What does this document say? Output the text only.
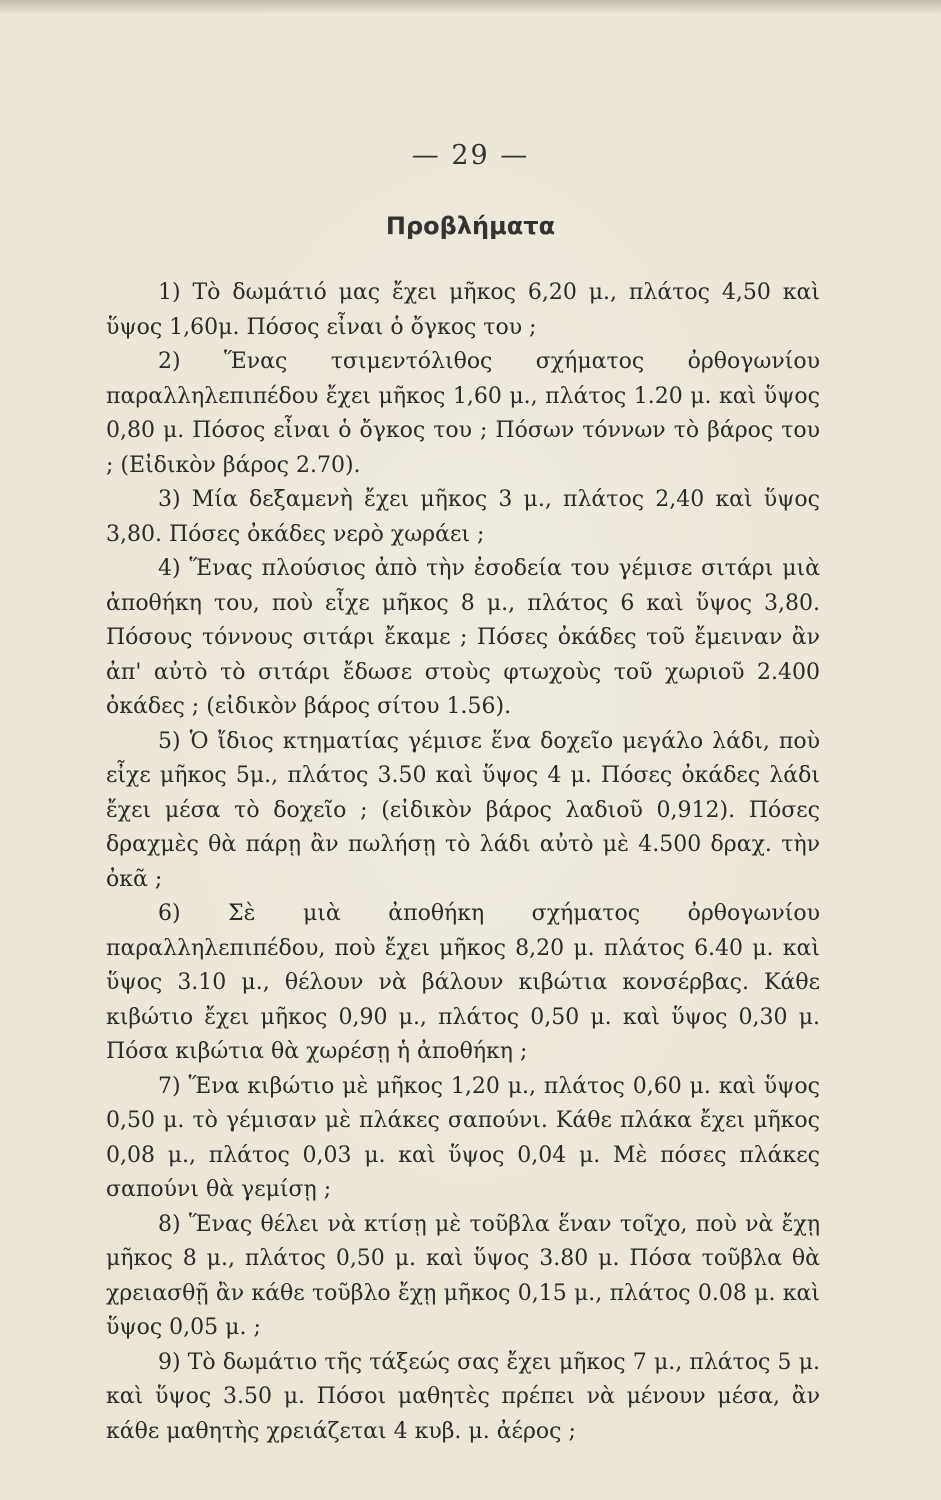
— 29 —
Προβλήματα

1) Τὸ δωμάτιό μας ἔχει μῆκος 6,20 μ., πλάτος 4,50 καὶ ὕψος 1,60μ. Πόσος εἶναι ὁ ὄγκος του ;

2) Ἕνας τσιμεντόλιθος σχήματος ὀρθογωνίου παραλληλεπιπέδου ἔχει μῆκος 1,60 μ., πλάτος 1.20 μ. καὶ ὕψος 0,80 μ. Πόσος εἶναι ὁ ὄγκος του ; Πόσων τόννων τὸ βάρος του ; (Εἰδικὸν βάρος 2.70).

3) Μία δεξαμενὴ ἔχει μῆκος 3 μ., πλάτος 2,40 καὶ ὕψος 3,80. Πόσες ὀκάδες νερὸ χωράει ;

4) Ἕνας πλούσιος ἀπὸ τὴν ἐσοδεία του γέμισε σιτάρι μιὰ ἀποθήκη του, ποὺ εἶχε μῆκος 8 μ., πλάτος 6 καὶ ὕψος 3,80. Πόσους τόννους σιτάρι ἔκαμε ; Πόσες ὀκάδες τοῦ ἔμειναν ἂν ἀπ' αὐτὸ τὸ σιτάρι ἔδωσε στοὺς φτωχοὺς τοῦ χωριοῦ 2.400 ὀκάδες ; (εἰδικὸν βάρος σίτου 1.56).

5) Ὁ ἴδιος κτηματίας γέμισε ἕνα δοχεῖο μεγάλο λάδι, ποὺ εἶχε μῆκος 5μ., πλάτος 3.50 καὶ ὕψος 4 μ. Πόσες ὀκάδες λάδι ἔχει μέσα τὸ δοχεῖο ; (εἰδικὸν βάρος λαδιοῦ 0,912). Πόσες δραχμὲς θὰ πάρῃ ἂν πωλήσῃ τὸ λάδι αὐτὸ μὲ 4.500 δραχ. τὴν ὀκᾶ ;

6) Σὲ μιὰ ἀποθήκη σχήματος ὀρθογωνίου παραλληλεπιπέδου, ποὺ ἔχει μῆκος 8,20 μ. πλάτος 6.40 μ. καὶ ὕψος 3.10 μ., θέλουν νὰ βάλουν κιβώτια κονσέρβας. Κάθε κιβώτιο ἔχει μῆκος 0,90 μ., πλάτος 0,50 μ. καὶ ὕψος 0,30 μ. Πόσα κιβώτια θὰ χωρέσῃ ἡ ἀποθήκη ;

7) Ἕνα κιβώτιο μὲ μῆκος 1,20 μ., πλάτος 0,60 μ. καὶ ὕψος 0,50 μ. τὸ γέμισαν μὲ πλάκες σαπούνι. Κάθε πλάκα ἔχει μῆκος 0,08 μ., πλάτος 0,03 μ. καὶ ὕψος 0,04 μ. Μὲ πόσες πλάκες σαπούνι θὰ γεμίσῃ ;

8) Ἕνας θέλει νὰ κτίσῃ μὲ τοῦβλα ἕναν τοῖχο, ποὺ νὰ ἔχῃ μῆκος 8 μ., πλάτος 0,50 μ. καὶ ὕψος 3.80 μ. Πόσα τοῦβλα θὰ χρειασθῇ ἂν κάθε τοῦβλο ἔχῃ μῆκος 0,15 μ., πλάτος 0.08 μ. καὶ ὕψος 0,05 μ. ;

9) Τὸ δωμάτιο τῆς τάξεώς σας ἔχει μῆκος 7 μ., πλάτος 5 μ. καὶ ὕψος 3.50 μ. Πόσοι μαθητὲς πρέπει νὰ μένουν μέσα, ἂν κάθε μαθητὴς χρειάζεται 4 κυβ. μ. ἀέρος ;
